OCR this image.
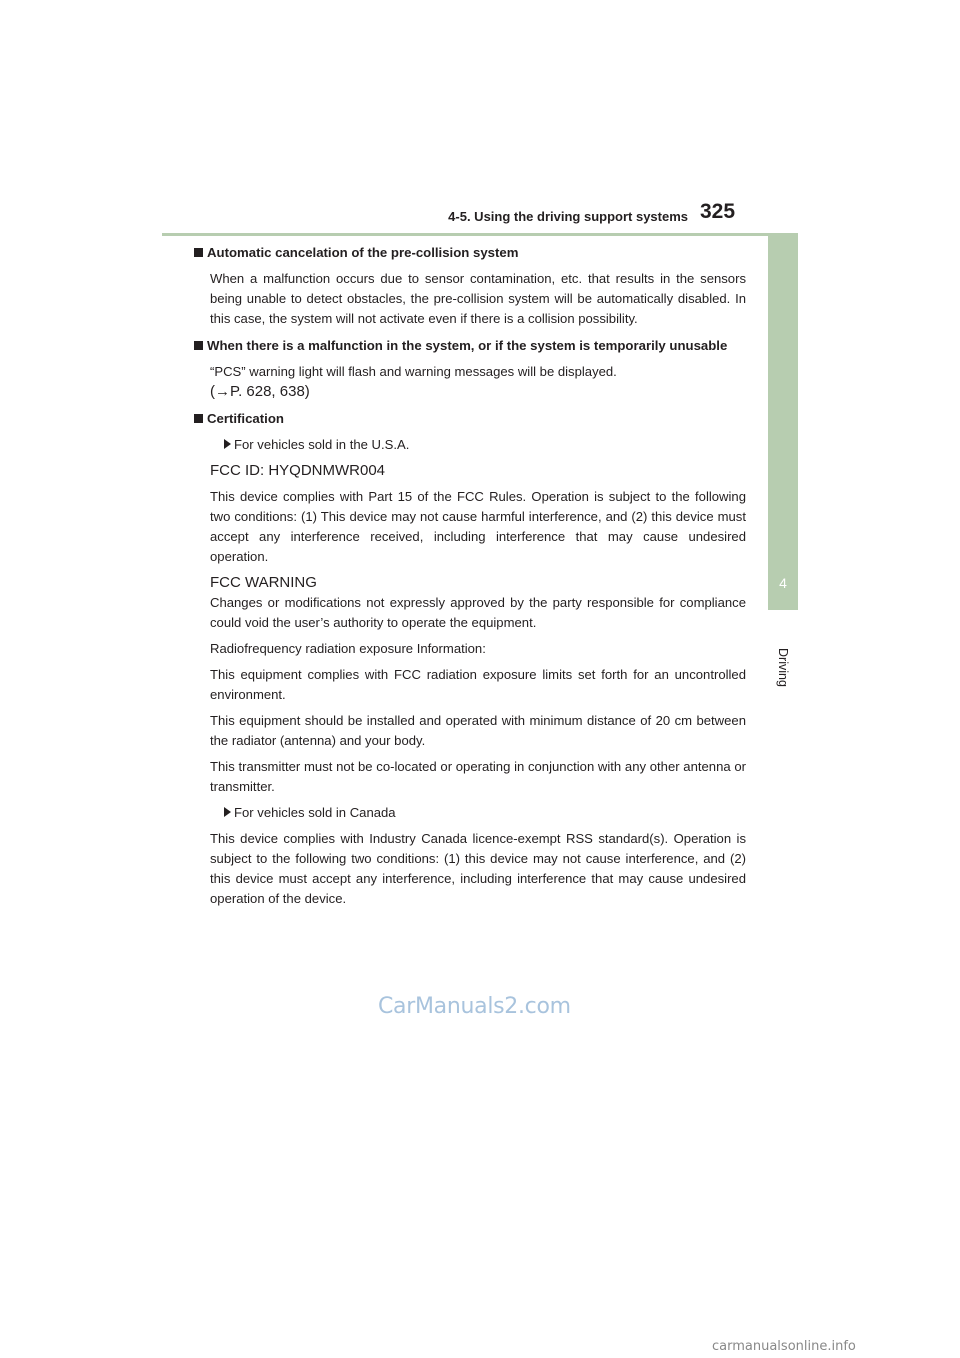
4-5. Using the driving support systems 325
4
Driving
Automatic cancelation of the pre-collision system
When a malfunction occurs due to sensor contamination, etc. that results in the sensors being unable to detect obstacles, the pre-collision system will be automatically disabled. In this case, the system will not activate even if there is a collision possibility.
When there is a malfunction in the system, or if the system is temporarily unusable
“PCS” warning light will flash and warning messages will be displayed.
(→P. 628, 638)
Certification
For vehicles sold in the U.S.A.
FCC ID: HYQDNMWR004
This device complies with Part 15 of the FCC Rules. Operation is subject to the following two conditions: (1) This device may not cause harmful interference, and (2) this device must accept any interference received, including interference that may cause undesired operation.
FCC WARNING
Changes or modifications not expressly approved by the party responsible for compliance could void the user’s authority to operate the equipment.
Radiofrequency radiation exposure Information:
This equipment complies with FCC radiation exposure limits set forth for an uncontrolled environment.
This equipment should be installed and operated with minimum distance of 20 cm between the radiator (antenna) and your body.
This transmitter must not be co-located or operating in conjunction with any other antenna or transmitter.
For vehicles sold in Canada
This device complies with Industry Canada licence-exempt RSS standard(s). Operation is subject to the following two conditions: (1) this device may not cause interference, and (2) this device must accept any interference, including interference that may cause undesired operation of the device.
CarManuals2.com
carmanualsonline.info
